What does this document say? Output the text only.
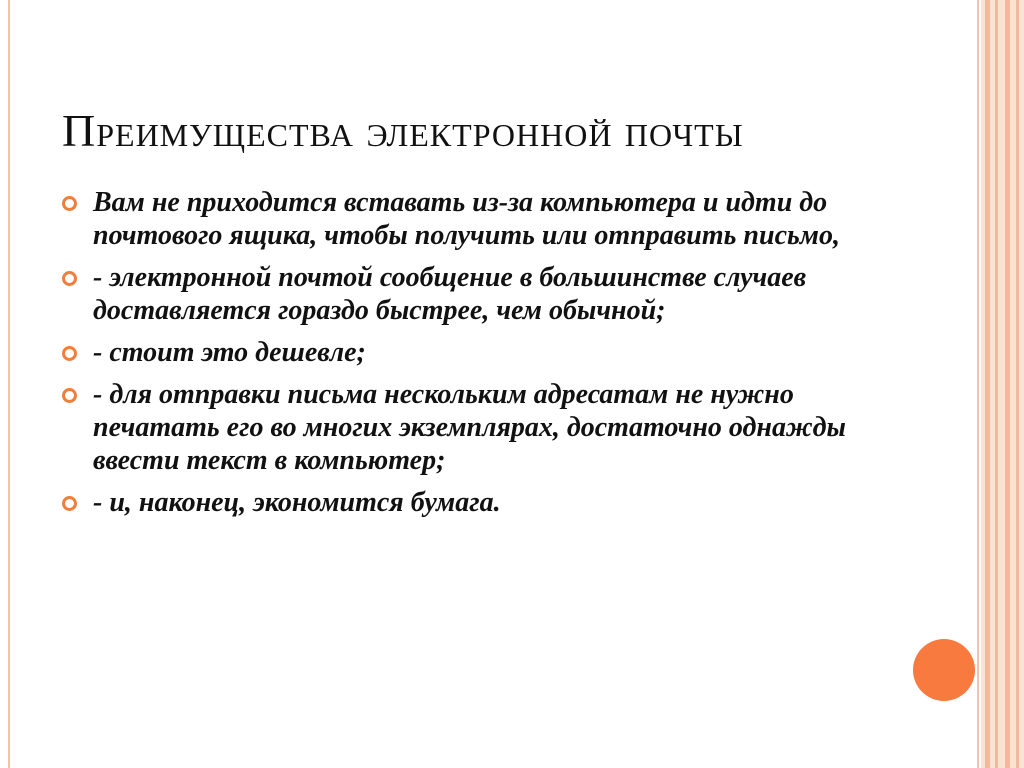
Преимущества электронной почты
Вам не приходится вставать из-за компьютера и идти до почтового ящика, чтобы получить или отправить письмо,
- электронной почтой сообщение в большинстве случаев доставляется гораздо быстрее, чем обычной;
- стоит это дешевле;
- для отправки письма нескольким адресатам не нужно печатать его во многих экземплярах, достаточно однажды ввести текст в компьютер;
- и, наконец, экономится бумага.
